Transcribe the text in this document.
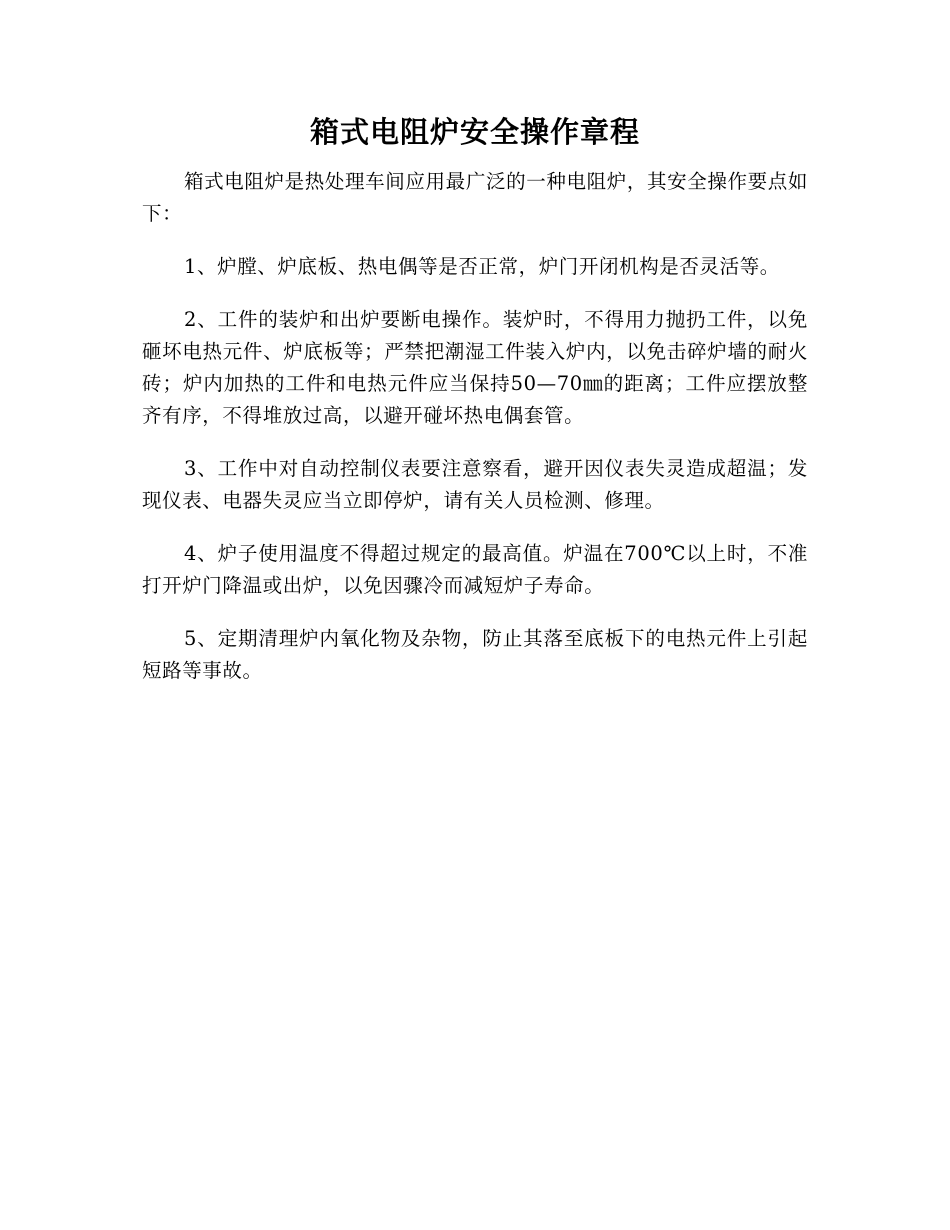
箱式电阻炉安全操作章程

箱式电阻炉是热处理车间应用最广泛的一种电阻炉，其安全操作要点如下：

1、炉膛、炉底板、热电偶等是否正常，炉门开闭机构是否灵活等。

2、工件的装炉和出炉要断电操作。装炉时，不得用力抛扔工件，以免砸坏电热元件、炉底板等；严禁把潮湿工件装入炉内，以免击碎炉墙的耐火砖；炉内加热的工件和电热元件应当保持50—70㎜的距离；工件应摆放整齐有序，不得堆放过高，以避开碰坏热电偶套管。

3、工作中对自动控制仪表要注意察看，避开因仪表失灵造成超温；发现仪表、电器失灵应当立即停炉，请有关人员检测、修理。

4、炉子使用温度不得超过规定的最高值。炉温在700℃以上时，不准打开炉门降温或出炉，以免因骤冷而减短炉子寿命。

5、定期清理炉内氧化物及杂物，防止其落至底板下的电热元件上引起短路等事故。
